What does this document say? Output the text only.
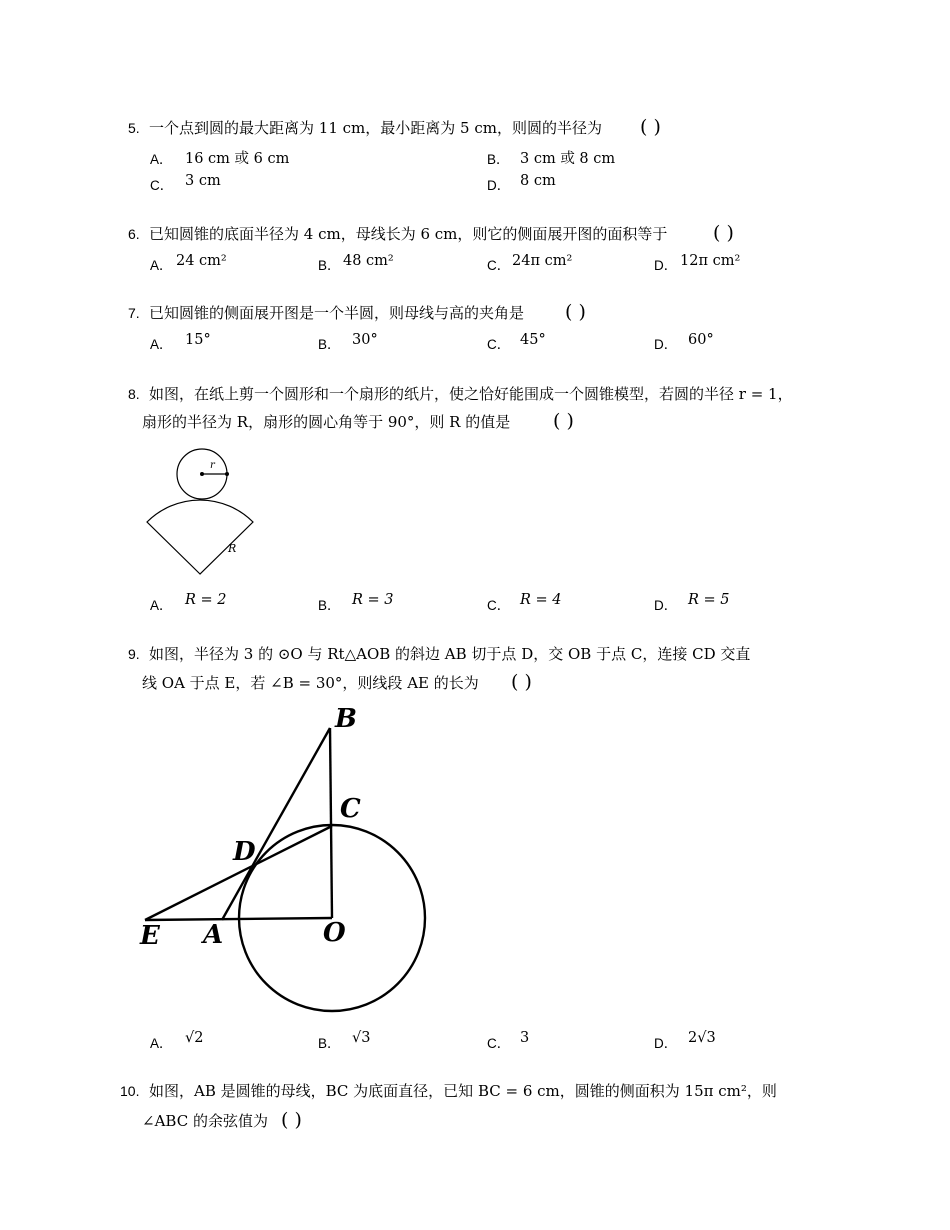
5. 一个点到圆的最大距离为 11 cm，最小距离为 5 cm，则圆的半径为 ( )
A． 16 cm 或 6 cm	B． 3 cm 或 8 cm
C． 3 cm	D． 8 cm
6. 已知圆锥的底面半径为 4 cm，母线长为 6 cm，则它的侧面展开图的面积等于 ( )
A． 24 cm²	B． 48 cm²	C． 24π cm²	D． 12π cm²
7. 已知圆锥的侧面展开图是一个半圆，则母线与高的夹角是 ( )
A． 15°	B． 30°	C． 45°	D． 60°
8. 如图，在纸上剪一个圆形和一个扇形的纸片，使之恰好能围成一个圆锥模型，若圆的半径 r = 1，
扇形的半径为 R，扇形的圆心角等于 90°，则 R 的值是 ( )
r
R
A． R = 2	B． R = 3	C． R = 4	D． R = 5
9. 如图，半径为 3 的 ⊙O 与 Rt△AOB 的斜边 AB 切于点 D，交 OB 于点 C，连接 CD 交直
线 OA 于点 E，若 ∠B = 30°，则线段 AE 的长为 ( )
B
C
D
E A	O
A． √2	B． √3	C． 3	D． 2√3
10. 如图，AB 是圆锥的母线，BC 为底面直径，已知 BC = 6 cm，圆锥的侧面积为 15π cm²，则
∠ABC 的余弦值为 ( )
